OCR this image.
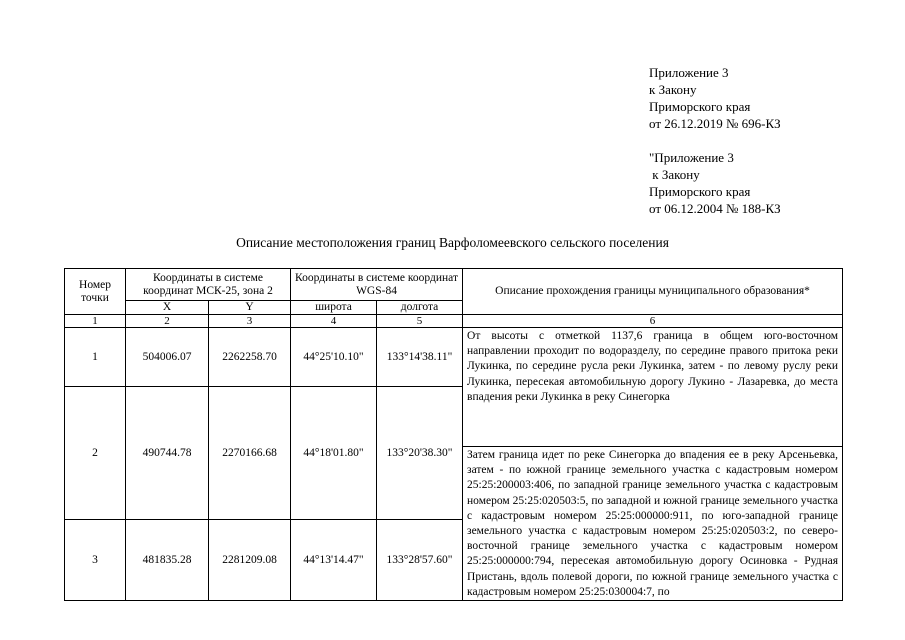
Приложение 3
к Закону
Приморского края
от 26.12.2019 № 696-КЗ
"Приложение 3
к Закону
Приморского края
от 06.12.2004 № 188-КЗ
Описание местоположения границ Варфоломеевского сельского поселения
Номер точки	Координаты в системе координат МСК-25, зона 2		Координаты в системе координат WGS-84		Описание прохождения границы муниципального образования*
	X	Y	широта	долгота	
1	2	3	4	5	6
1	504006.07	2262258.70	44°25'10.10"	133°14'38.11"	От высоты с отметкой 1137,6 граница в общем юго-восточном направлении проходит по водоразделу, по середине правого притока реки Лукинка, по середине русла реки Лукинка, затем - по левому руслу реки Лукинка, пересекая автомобильную дорогу Лукино - Лазаревка, до места впадения реки Лукинка в реку Синегорка
2	490744.78	2270166.68	44°18'01.80"	133°20'38.30"	
					Затем граница идет по реке Синегорка до впадения ее в реку Арсеньевка, затем - по южной границе земельного участка с кадастровым номером 25:25:200003:406, по западной границе земельного участка с кадастровым номером 25:25:020503:5, по западной и южной границе земельного участка с кадастровым номером 25:25:000000:911, по юго-западной границе земельного участка с кадастровым номером 25:25:020503:2, по северо-восточной границе земельного участка с кадастровым номером 25:25:000000:794, пересекая автомобильную дорогу Осиновка - Рудная Пристань, вдоль полевой дороги, по южной границе земельного участка с кадастровым номером 25:25:030004:7, по

3	481835.28	2281209.08	44°13'14.47"	133°28'57.60"	
